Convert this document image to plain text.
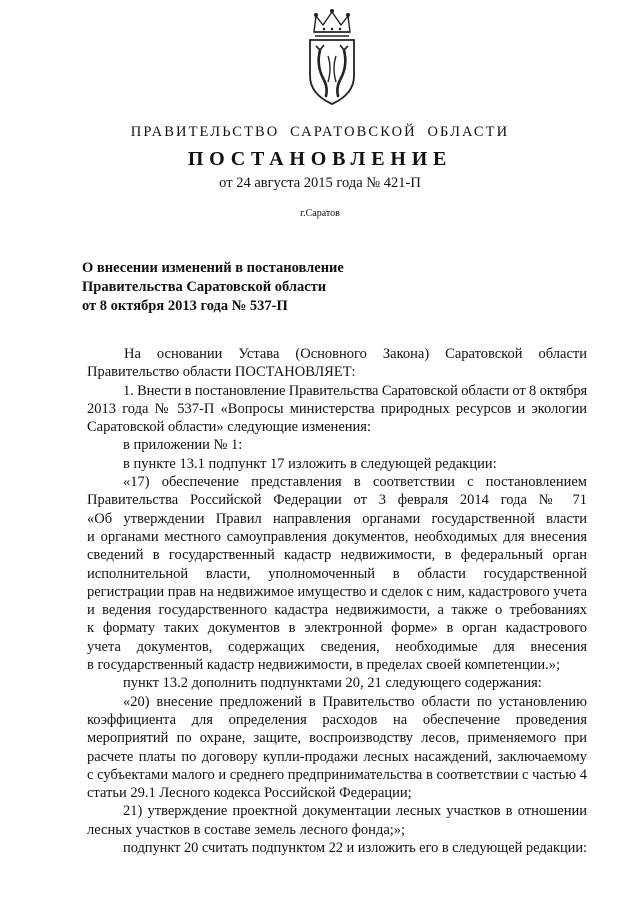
ПРАВИТЕЛЬСТВО САРАТОВСКОЙ ОБЛАСТИ
ПОСТАНОВЛЕНИЕ
от 24 августа 2015 года № 421-П
г.Саратов
О внесении изменений в постановление
Правительства Саратовской области
от 8 октября 2013 года № 537-П
На основании Устава (Основного Закона) Саратовской области
Правительство области ПОСТАНОВЛЯЕТ:
1. Внести в постановление Правительства Саратовской области от 8 октября
2013 года № 537-П «Вопросы министерства природных ресурсов и экологии
Саратовской области» следующие изменения:
в приложении № 1:
в пункте 13.1 подпункт 17 изложить в следующей редакции:
«17) обеспечение представления в соответствии с постановлением
Правительства Российской Федерации от 3 февраля 2014 года № 71
«Об утверждении Правил направления органами государственной власти
и органами местного самоуправления документов, необходимых для внесения
сведений в государственный кадастр недвижимости, в федеральный орган
исполнительной власти, уполномоченный в области государственной
регистрации прав на недвижимое имущество и сделок с ним, кадастрового учета
и ведения государственного кадастра недвижимости, а также о требованиях
к формату таких документов в электронной форме» в орган кадастрового
учета документов, содержащих сведения, необходимые для внесения
в государственный кадастр недвижимости, в пределах своей компетенции.»;
пункт 13.2 дополнить подпунктами 20, 21 следующего содержания:
«20) внесение предложений в Правительство области по установлению
коэффициента для определения расходов на обеспечение проведения
мероприятий по охране, защите, воспроизводству лесов, применяемого при
расчете платы по договору купли-продажи лесных насаждений, заключаемому
с субъектами малого и среднего предпринимательства в соответствии с частью 4
статьи 29.1 Лесного кодекса Российской Федерации;
21) утверждение проектной документации лесных участков в отношении
лесных участков в составе земель лесного фонда;»;
подпункт 20 считать подпунктом 22 и изложить его в следующей редакции:
